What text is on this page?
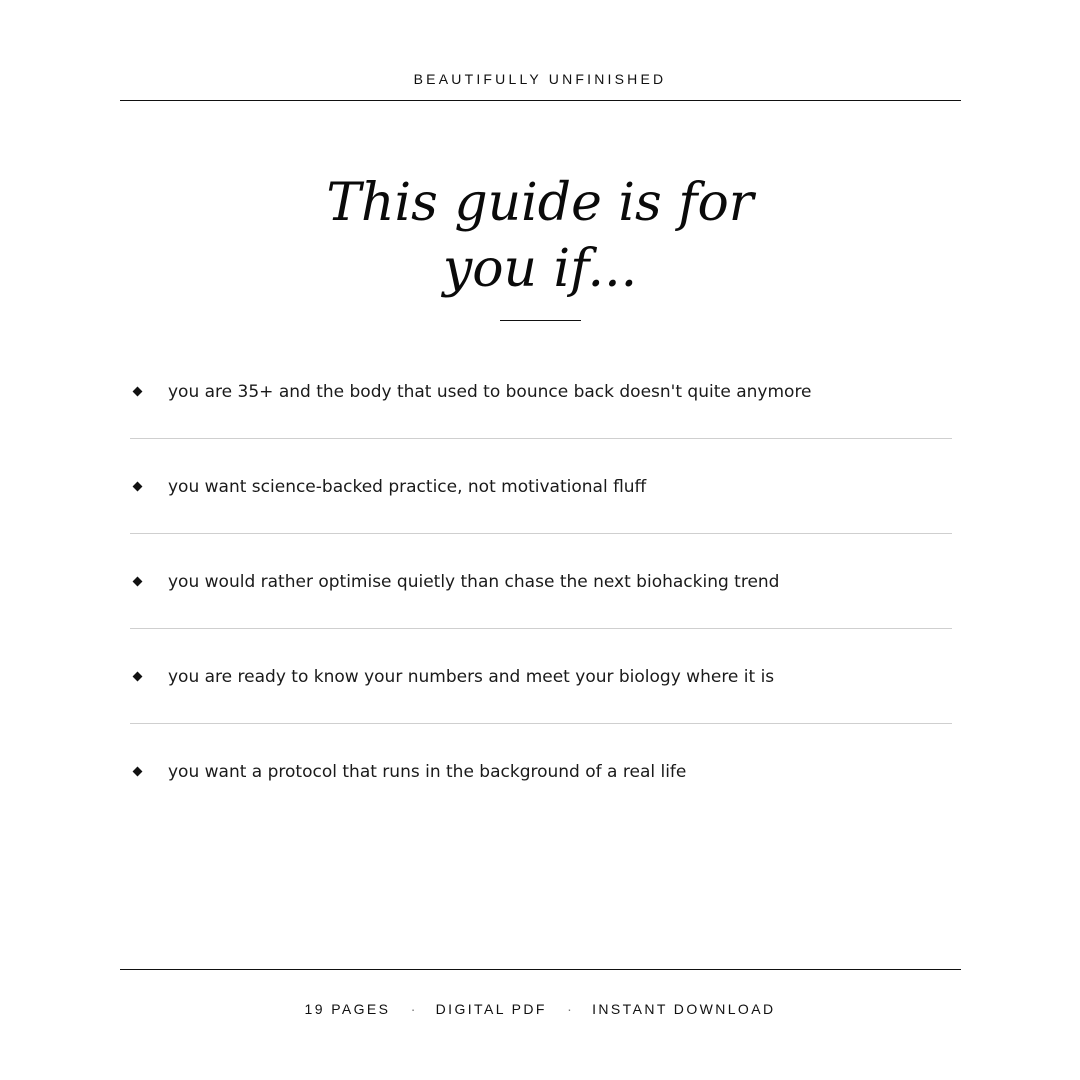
BEAUTIFULLY UNFINISHED
This guide is for
you if...
you are 35+ and the body that used to bounce back doesn't quite anymore
you want science-backed practice, not motivational fluff
you would rather optimise quietly than chase the next biohacking trend
you are ready to know your numbers and meet your biology where it is
you want a protocol that runs in the background of a real life
19 PAGES · DIGITAL PDF · INSTANT DOWNLOAD
